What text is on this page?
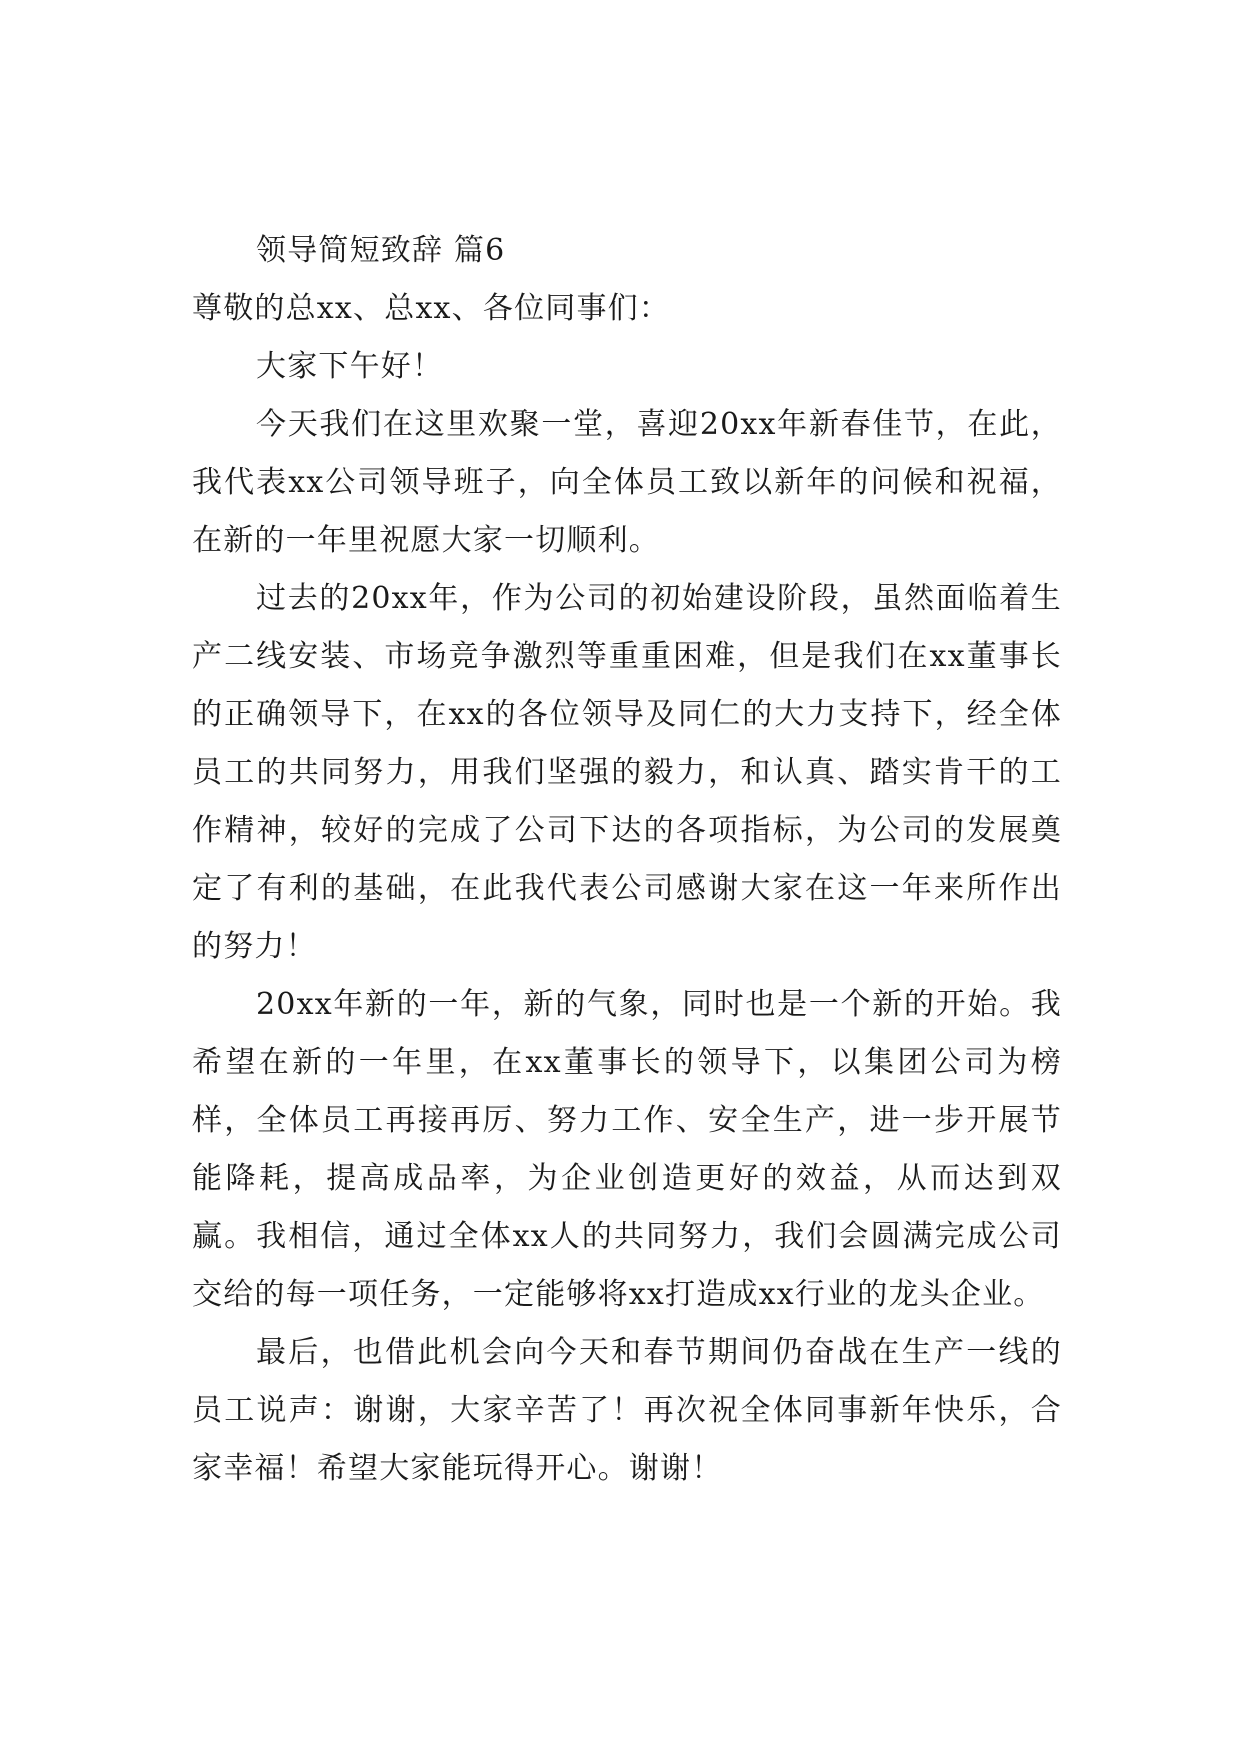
领导简短致辞 篇6

尊敬的总xx、总xx、各位同事们：

大家下午好！

今天我们在这里欢聚一堂，喜迎20xx年新春佳节，在此，我代表xx公司领导班子，向全体员工致以新年的问候和祝福，在新的一年里祝愿大家一切顺利。

过去的20xx年，作为公司的初始建设阶段，虽然面临着生产二线安装、市场竞争激烈等重重困难，但是我们在xx董事长的正确领导下，在xx的各位领导及同仁的大力支持下，经全体员工的共同努力，用我们坚强的毅力，和认真、踏实肯干的工作精神，较好的完成了公司下达的各项指标，为公司的发展奠定了有利的基础，在此我代表公司感谢大家在这一年来所作出的努力！

20xx年新的一年，新的气象，同时也是一个新的开始。我希望在新的一年里，在xx董事长的领导下，以集团公司为榜样，全体员工再接再厉、努力工作、安全生产，进一步开展节能降耗，提高成品率，为企业创造更好的效益，从而达到双赢。我相信，通过全体xx人的共同努力，我们会圆满完成公司交给的每一项任务，一定能够将xx打造成xx行业的龙头企业。

最后，也借此机会向今天和春节期间仍奋战在生产一线的员工说声：谢谢，大家辛苦了！再次祝全体同事新年快乐，合家幸福！希望大家能玩得开心。谢谢！
